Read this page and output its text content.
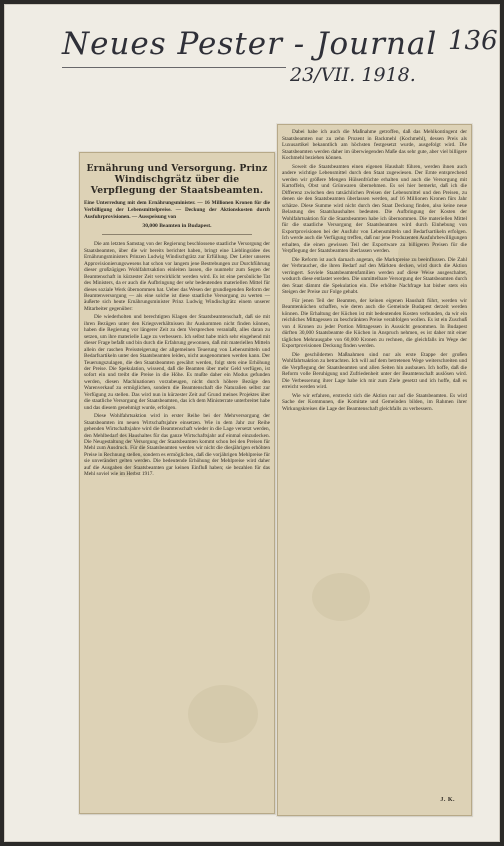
Neues Pester - Journal
23/VII. 1918.
136
Ernährung und Versorgung. Prinz Windischgrätz über die Verpflegung der Staatsbeamten.
Eine Unterredung mit dem Ernährungsminister. — 16 Millionen Kronen für die Verbilligung der Lebensmittelpreise. — Deckung der Aktionskosten durch Ausfuhrprovisionen. — Ausspeisung von
30,000 Beamten in Budapest.
Die am letzten Samstag von der Regierung beschlossene staatliche Versorgung der Staatsbeamten, über die wir bereits berichtet haben, bringt eine Lieblingsidee des Ernährungsministers Prinzen Ludwig Windischgrätz zur Erfüllung. Der Leiter unseres Approvisionierungswesens hat schon vor langem jene Bestrebungen zur Durchführung dieser großzügigen Wohlfahrtsaktion einleiten lassen, die nunmehr zum Segen der Beamtenschaft in kürzester Zeit verwirklicht werden wird. Es ist eine persönliche Tat des Ministers, da er auch die Aufbringung der sehr bedeutenden materiellen Mittel für dieses soziale Werk übernommen hat. Ueber das Wesen der grundlegenden Reform der Beamtenversorgung — als eine solche ist diese staatliche Versorgung zu werten — äußerte sich heute Ernährungsminister Prinz Ludwig Windischgrätz einem unserer Mitarbeiter gegenüber:
Die wiederholten und berechtigten Klagen der Staatsbeamtenschaft, daß sie mit ihren Bezügen unter den Kriegsverhältnissen ihr Auskommen nicht finden können, haben die Regierung vor längerer Zeit zu dem Versprechen veranlaßt, alles daran zu setzen, um ihre materielle Lage zu verbessern. Ich selbst habe mich sehr eingehend mit dieser Frage befaßt und bin durch die Erfahrung gewonnen, daß mit materiellen Mitteln allein der raschen Preissteigerung der allgemeinen Teuerung von Lebensmitteln und Bedarfsartikeln unter den Staatsbeamten leiden, nicht ausgenommen werden kann. Der Teuerungszulagen, die den Staatsbeamten gewährt werden, folgt stets eine Erhöhung der Preise. Die Spekulation, wissend, daß die Beamten über mehr Geld verfügen, ist sofort ein und treibt die Preise in die Höhe. Es mußte daher ein Modus gefunden werden, diesen Machinationen vorzubeugen, nicht durch höhere Bezüge den Warenverkauf zu ermöglichen, sondern die Beamtenschaft die Naturalien selbst zur Verfügung zu stellen. Das wird nun in kürzester Zeit auf Grund meines Projektes über die staatliche Versorgung der Staatsbeamten, das ich dem Ministerrate unterbreitet habe und das diesem genehmigt wurde, erfolgen.
Diese Wohlfahrtsaktion wird in erster Reihe bei der Mehrversorgung der Staatsbeamten im neuen Wirtschaftsjahre einsetzen. Wie in dem Jahr zur Reihe gehenden Wirtschaftsjahre wird die Beamtenschaft wieder in die Lage versetzt werden, den Mehlbedarf des Haushaltes für das ganze Wirtschaftsjahr auf einmal einzudecken. Die Neugestaltung der Versorgung der Staatsbeamten kommt schon bei den Preisen für Mehl zum Ausdruck. Für die Staatsbeamten werden wir nicht die diesjährigen erhöhten Preise in Rechnung stellen, sondern es ermöglichen, daß die vorjährigen Mehlpreise für sie unverändert gelten werden. Die bedeutende Erhöhung der Mehlpreise wird daher auf die Ausgaben der Staatsbeamten gar keinen Einfluß haben; sie bezahlen für das Mehl soviel wie im Herbst 1917.
Dabei habe ich auch die Maßnahme getroffen, daß das Mehlkontingent der Staatsbeamten nur zu zehn Prozent in Backmehl (Kochmehl), dessen Preis als Luxusartikel bekanntlich am höchsten festgesetzt wurde, ausgefolgt wird. Die Staatsbeamten werden daher im überwiegenden Maße das sehr gute, aber viel billigere Kochmehl beziehen können.
Soweit die Staatsbeamten einen eigenen Haushalt führen, werden ihnen auch andere wichtige Lebensmittel durch den Staat zugewiesen. Der Ernte entsprechend werden wir größere Mengen Hülsenfrüchte erhalten und auch die Versorgung mit Kartoffeln, Obst und Grünwaren übernehmen. Es sei hier bemerkt, daß ich die Differenz zwischen den tatsächlichen Preisen der Lebensmittel und den Preisen, zu denen sie den Staatsbeamten überlassen werden, auf 16 Millionen Kronen fürs Jahr schätze. Diese Summe wird nicht durch den Staat Deckung finden, also keine neue Belastung des Staatshaushaltes bedeuten. Die Aufbringung der Kosten der Wohlfahrtsaktion für die Staatsbeamten habe ich übernommen. Die materiellen Mittel für die staatliche Versorgung der Staatsbeamten wird durch Einhebung von Exportprovisionen bei der Ausfuhr von Lebensmitteln und Bedarfsartikeln erfolgen. Ich werde auch die Verfügung treffen, daß nur jene Produzenten Ausfuhrbewilligungen erhalten, die einen gewissen Teil der Exportware zu billigeren Preisen für die Verpflegung der Staatsbeamten überlassen werden.
Die Reform ist auch darnach angetan, die Marktpreise zu beeinflussen. Die Zahl der Verbraucher, die ihren Bedarf auf den Märkten decken, wird durch die Aktion verringert. Soviele Staatsbeamtenfamilien werden auf diese Weise ausgeschaltet, wodurch diese entlastet werden. Die unmittelbare Versorgung der Staatsbeamten durch den Staat dämmt die Spekulation ein. Die erhöhte Nachfrage hat bisher stets ein Steigen der Preise zur Folge gehabt.
Für jenen Teil der Beamten, der keinen eigenen Haushalt führt, werden wir Beamtenküchen schaffen, wie deren auch die Gemeinde Budapest derzeit werden können. Die Erhaltung der Küchen ist mit bedeutenden Kosten verbunden, da wir ein reichliches Mittagessen zu beschränkten Preise verabfolgen wollen. Es ist ein Zuschuß von 4 Kronen zu jeder Portion Mittagessen in Aussicht genommen. In Budapest dürften 30,000 Staatsbeamte die Küchen in Anspruch nehmen, es ist daher mit einer täglichen Mehrausgabe von 60,000 Kronen zu rechnen, die gleichfalls im Wege der Exportprovisionen Deckung finden werden.
Die geschilderten Maßnahmen sind nur als erste Etappe der großen Wohlfahrtsaktion zu betrachten. Ich will auf dem betretenen Wege weiterschreiten und die Verpflegung der Staatsbeamten und allen Seiten hin ausbauen. Ich hoffe, daß die Reform volle Beruhigung und Zufriedenheit unter der Beamtenschaft auslösen wird. Die Verbesserung ihrer Lage habe ich mir zum Ziele gesetzt und ich hoffe, daß es erreicht werden wird.
Wie wir erfahren, erstreckt sich die Aktion nur auf die Staatsbeamten. Es wird Sache der Kommunen, die Komitate und Gemeinden bilden, im Rahmen ihrer Wirkungskreises die Lage der Beamtenschaft gleichfalls zu verbessern.
J. K.
